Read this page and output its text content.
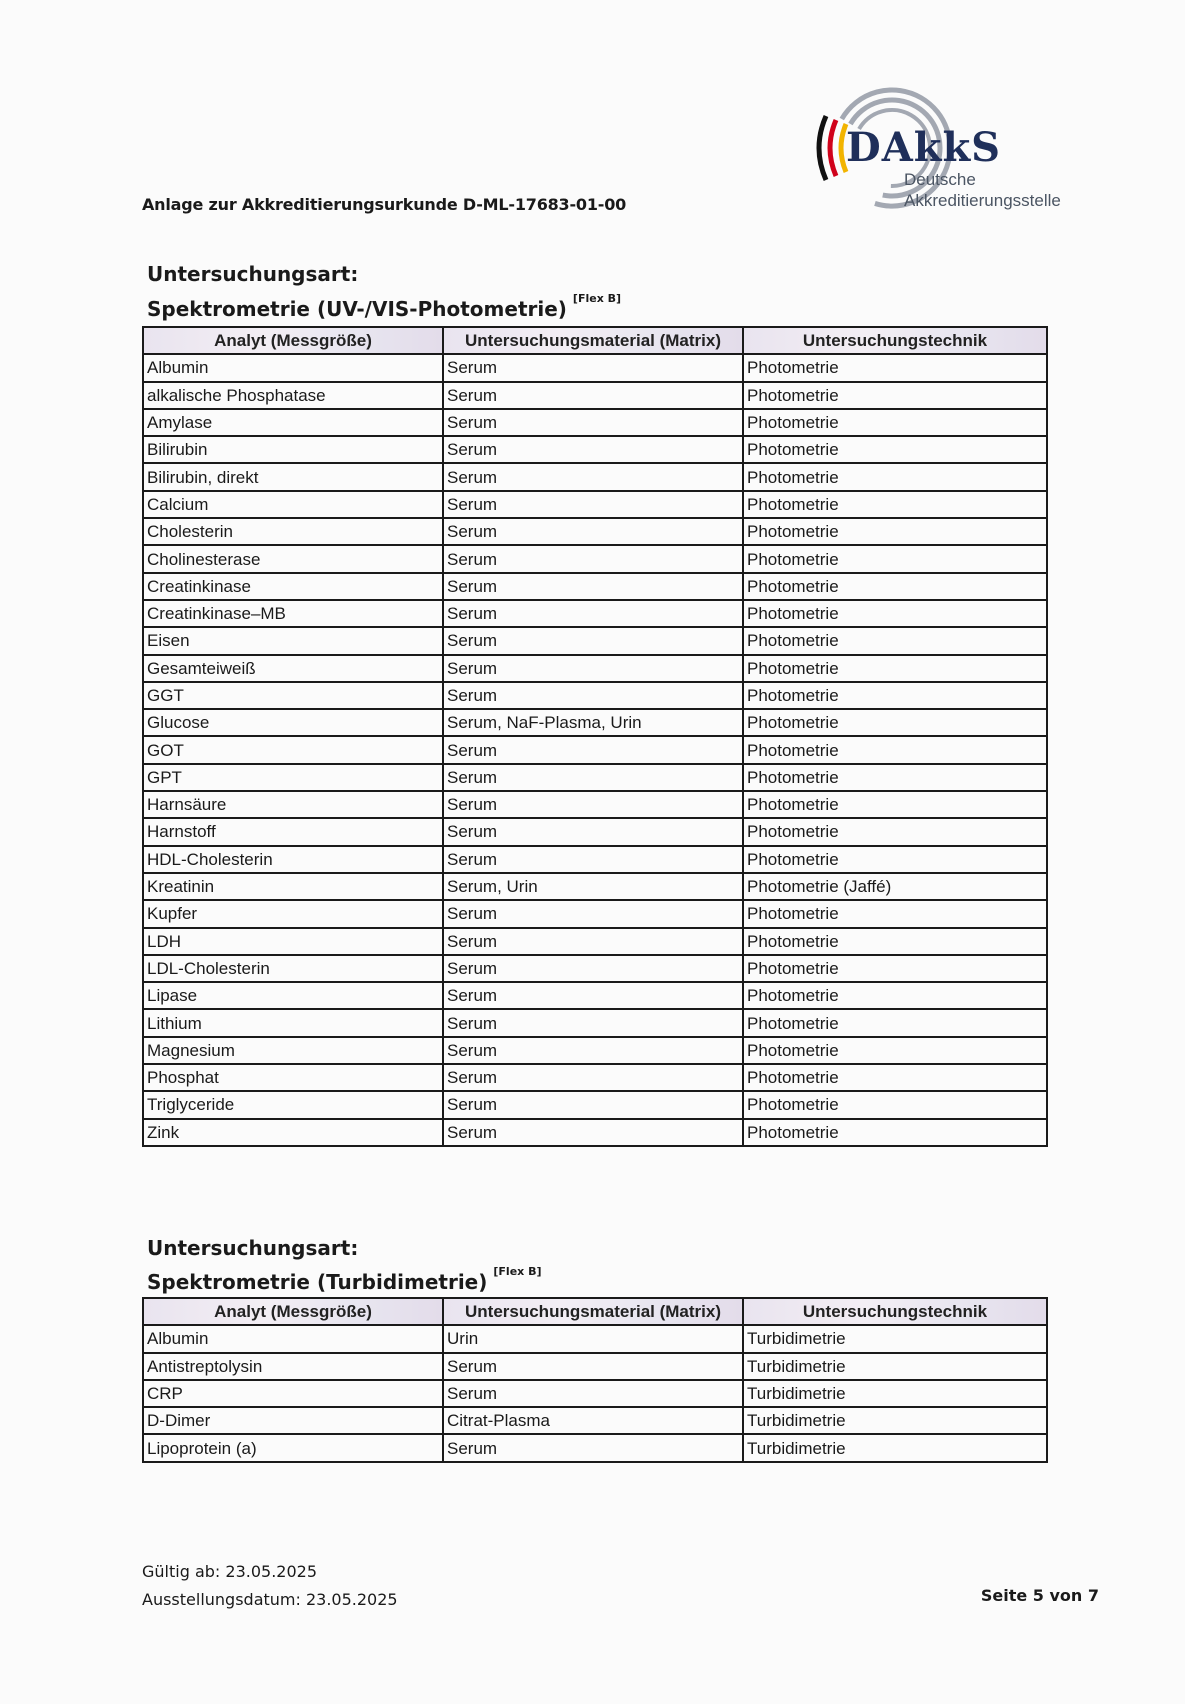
DAkkS
Deutsche
Akkreditierungsstelle
Anlage zur Akkreditierungsurkunde D-ML-17683-01-00
Untersuchungsart:
Spektrometrie (UV-/VIS-Photometrie) [Flex B]
Analyt (Messgröße)	Untersuchungsmaterial (Matrix)	Untersuchungstechnik
Albumin	Serum	Photometrie
alkalische Phosphatase	Serum	Photometrie
Amylase	Serum	Photometrie
Bilirubin	Serum	Photometrie
Bilirubin, direkt	Serum	Photometrie
Calcium	Serum	Photometrie
Cholesterin	Serum	Photometrie
Cholinesterase	Serum	Photometrie
Creatinkinase	Serum	Photometrie
Creatinkinase–MB	Serum	Photometrie
Eisen	Serum	Photometrie
Gesamteiweiß	Serum	Photometrie
GGT	Serum	Photometrie
Glucose	Serum, NaF-Plasma, Urin	Photometrie
GOT	Serum	Photometrie
GPT	Serum	Photometrie
Harnsäure	Serum	Photometrie
Harnstoff	Serum	Photometrie
HDL-Cholesterin	Serum	Photometrie
Kreatinin	Serum, Urin	Photometrie (Jaffé)
Kupfer	Serum	Photometrie
LDH	Serum	Photometrie
LDL-Cholesterin	Serum	Photometrie
Lipase	Serum	Photometrie
Lithium	Serum	Photometrie
Magnesium	Serum	Photometrie
Phosphat	Serum	Photometrie
Triglyceride	Serum	Photometrie
Zink	Serum	Photometrie
Untersuchungsart:
Spektrometrie (Turbidimetrie) [Flex B]
Analyt (Messgröße)	Untersuchungsmaterial (Matrix)	Untersuchungstechnik
Albumin	Urin	Turbidimetrie
Antistreptolysin	Serum	Turbidimetrie
CRP	Serum	Turbidimetrie
D-Dimer	Citrat-Plasma	Turbidimetrie
Lipoprotein (a)	Serum	Turbidimetrie
Gültig ab: 23.05.2025
Ausstellungsdatum: 23.05.2025	Seite 5 von 7
